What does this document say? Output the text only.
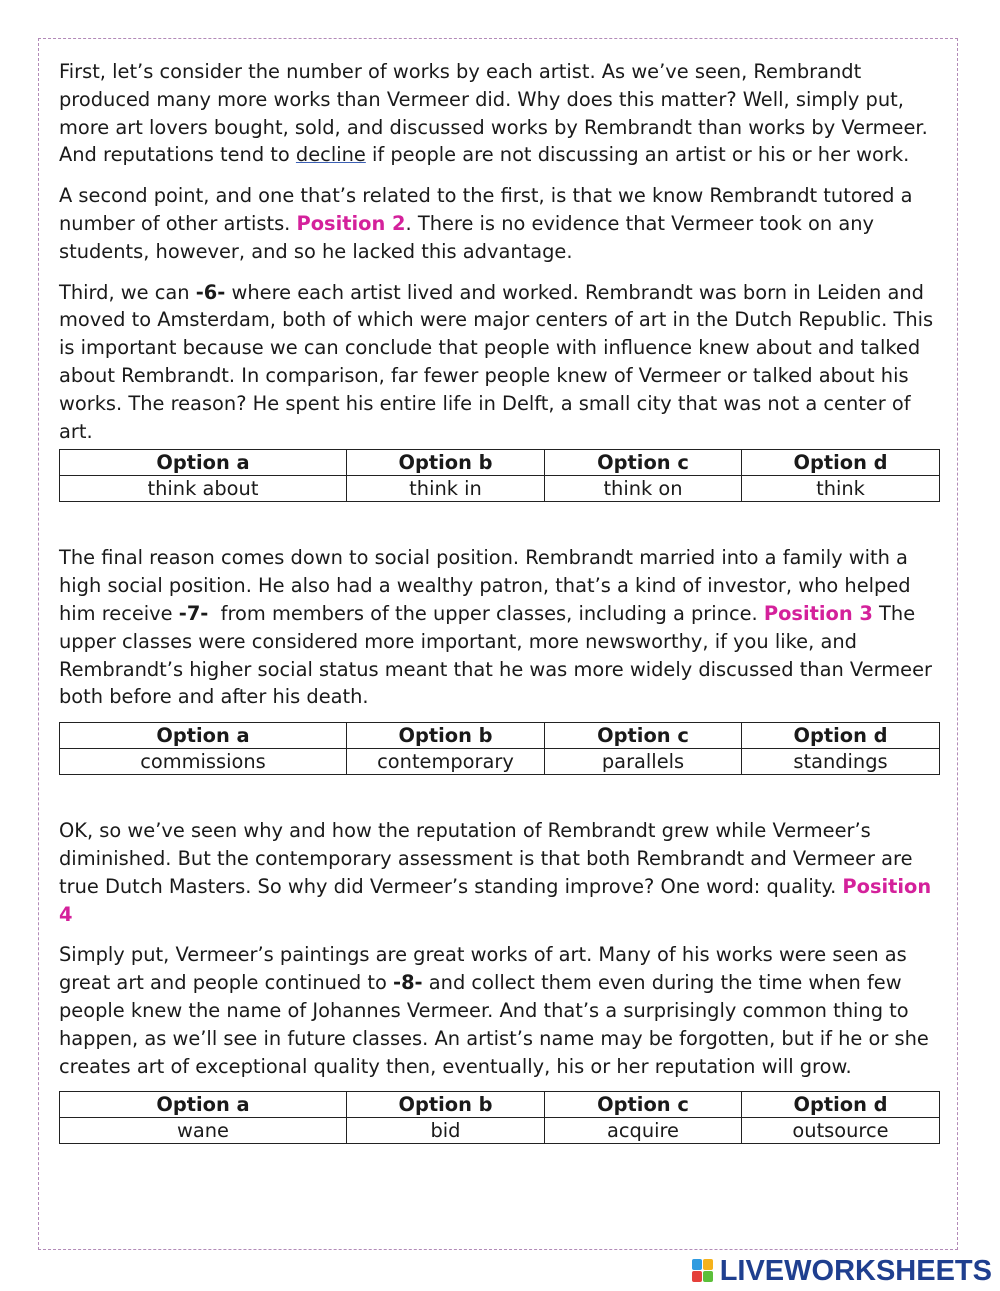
First, let’s consider the number of works by each artist. As we’ve seen, Rembrandt produced many more works than Vermeer did. Why does this matter? Well, simply put, more art lovers bought, sold, and discussed works by Rembrandt than works by Vermeer. And reputations tend to decline if people are not discussing an artist or his or her work.

A second point, and one that’s related to the first, is that we know Rembrandt tutored a number of other artists. Position 2. There is no evidence that Vermeer took on any students, however, and so he lacked this advantage.

Third, we can -6- where each artist lived and worked. Rembrandt was born in Leiden and moved to Amsterdam, both of which were major centers of art in the Dutch Republic. This is important because we can conclude that people with influence knew about and talked about Rembrandt. In comparison, far fewer people knew of Vermeer or talked about his works. The reason? He spent his entire life in Delft, a small city that was not a center of art.

Option a	Option b	Option c	Option d
think about	think in	think on	think

The final reason comes down to social position. Rembrandt married into a family with a high social position. He also had a wealthy patron, that’s a kind of investor, who helped him receive -7-  from members of the upper classes, including a prince. Position 3 The upper classes were considered more important, more newsworthy, if you like, and Rembrandt’s higher social status meant that he was more widely discussed than Vermeer both before and after his death.

Option a	Option b	Option c	Option d
commissions	contemporary	parallels	standings

OK, so we’ve seen why and how the reputation of Rembrandt grew while Vermeer’s diminished. But the contemporary assessment is that both Rembrandt and Vermeer are true Dutch Masters. So why did Vermeer’s standing improve? One word: quality. Position 4

Simply put, Vermeer’s paintings are great works of art. Many of his works were seen as great art and people continued to -8- and collect them even during the time when few people knew the name of Johannes Vermeer. And that’s a surprisingly common thing to happen, as we’ll see in future classes. An artist’s name may be forgotten, but if he or she creates art of exceptional quality then, eventually, his or her reputation will grow.

Option a	Option b	Option c	Option d
wane	bid	acquire	outsource
LIVEWORKSHEETS
